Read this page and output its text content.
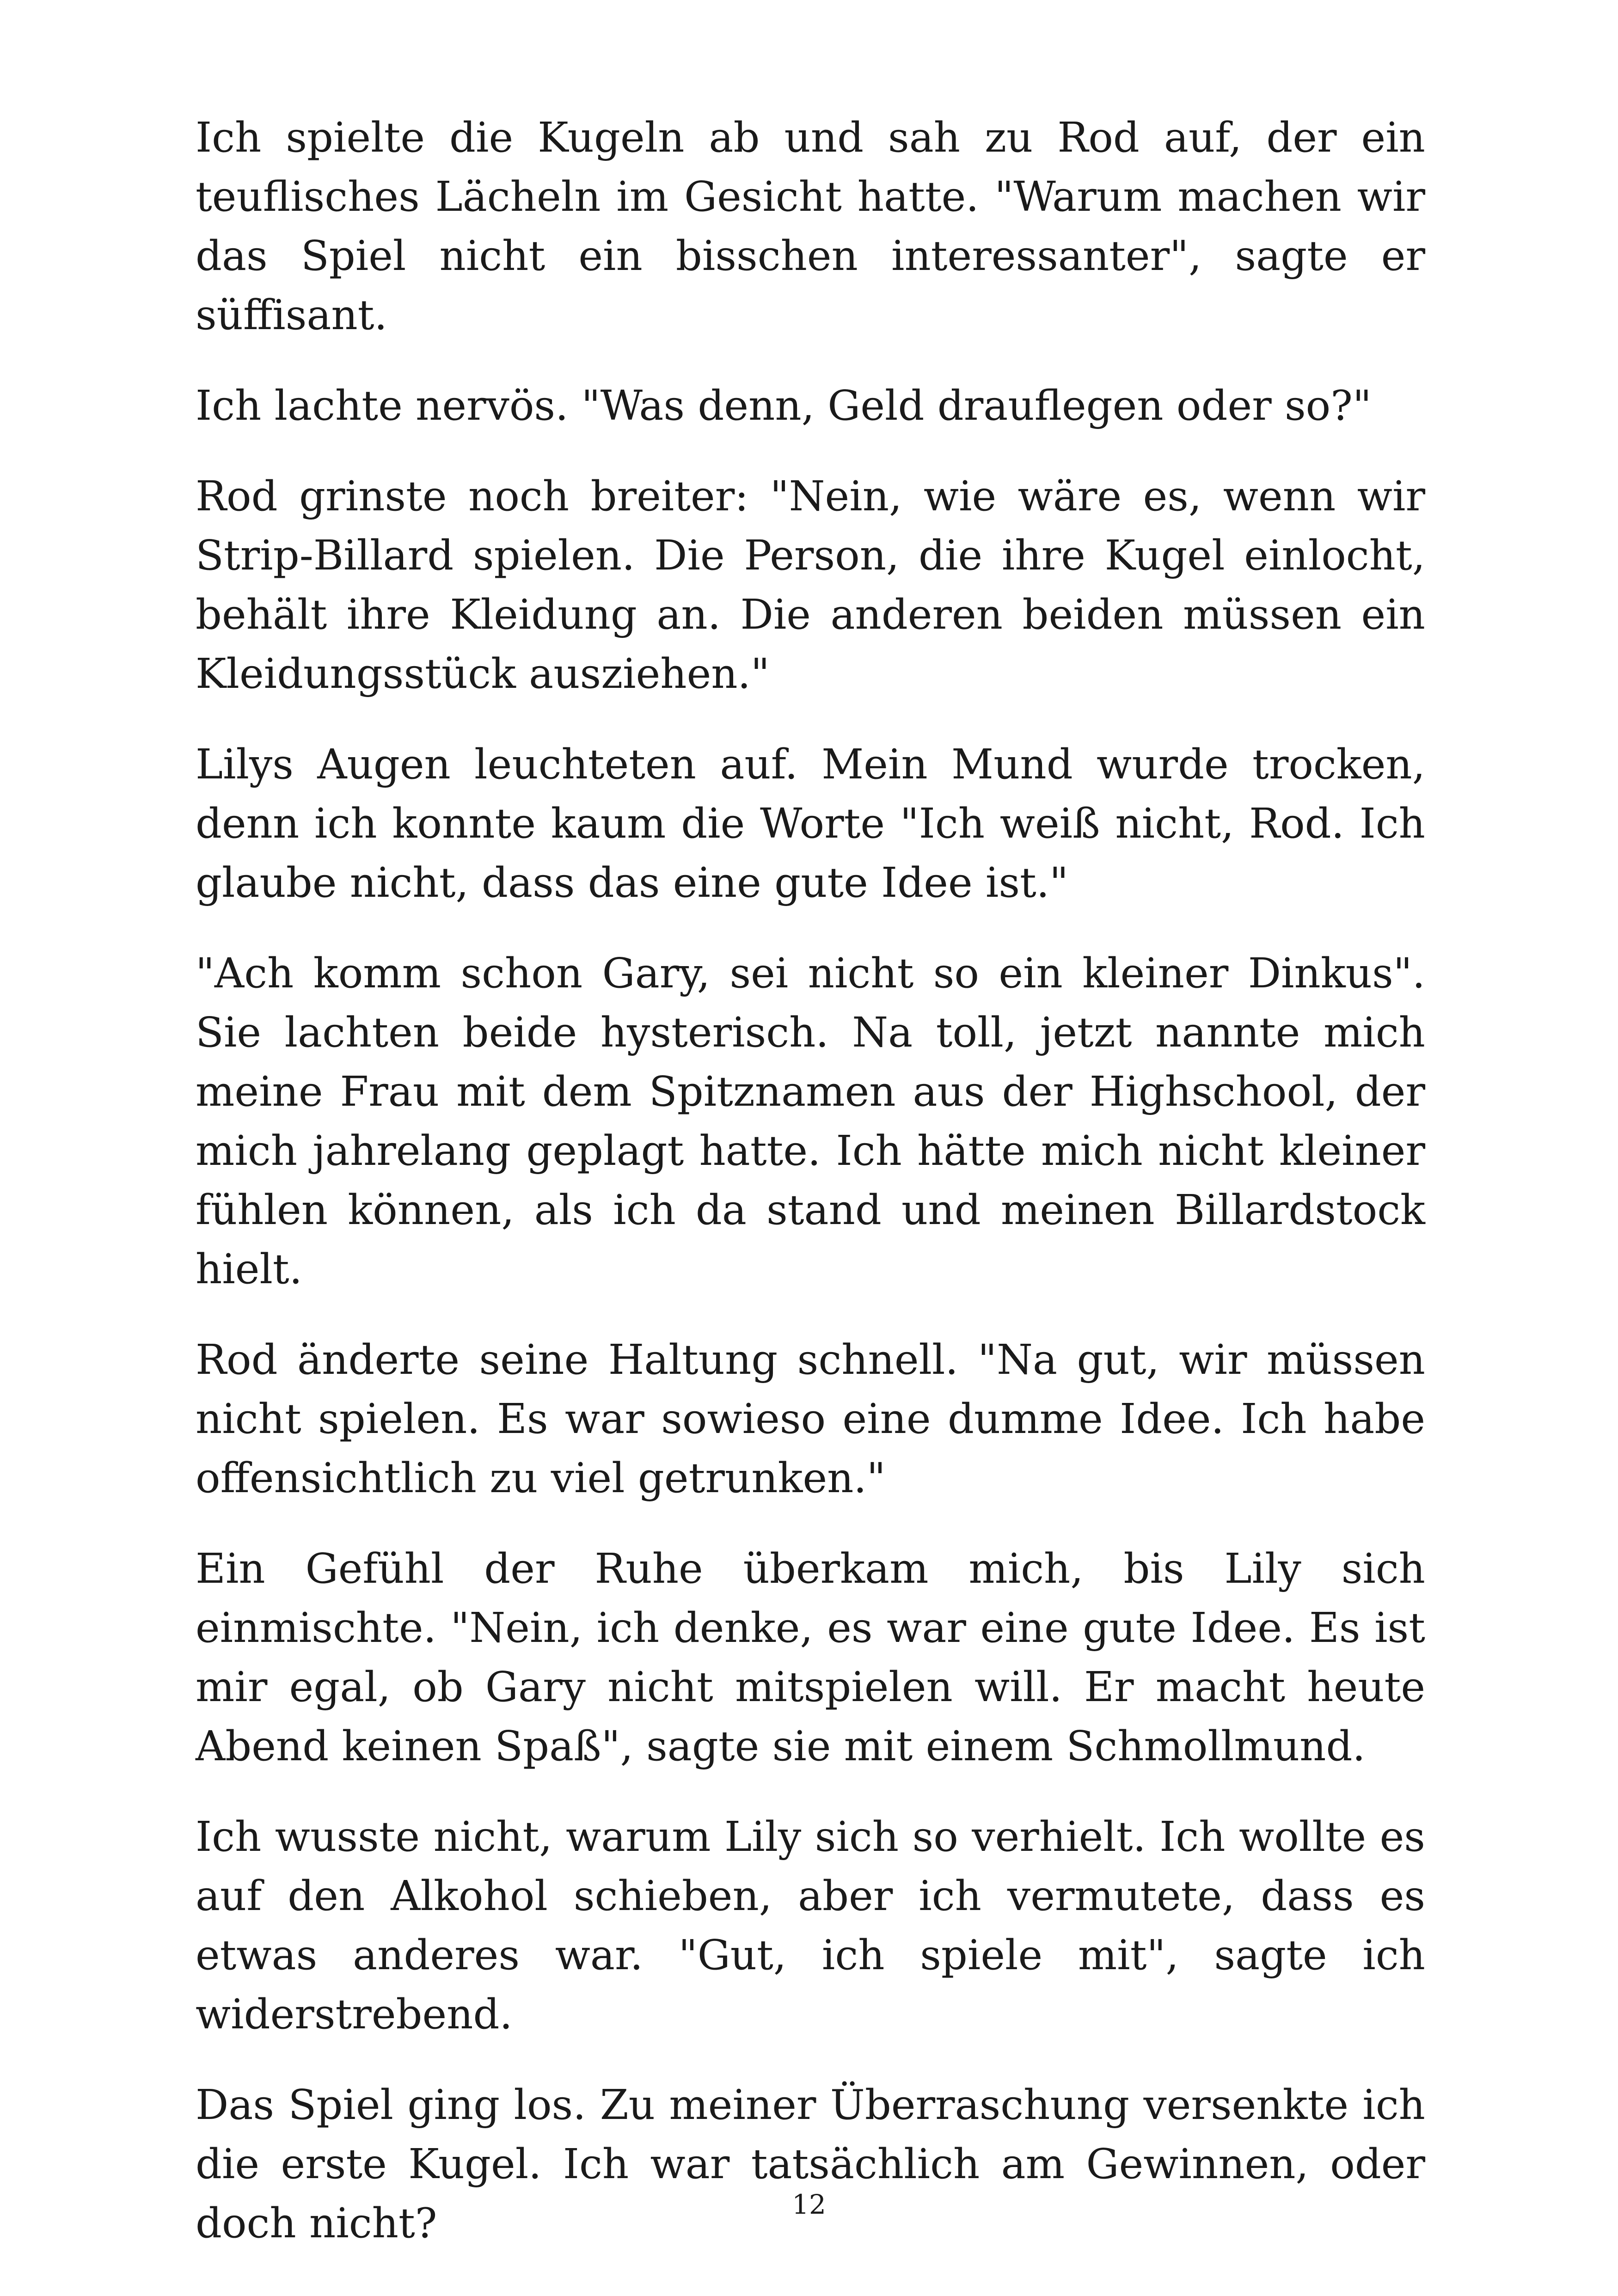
Ich spielte die Kugeln ab und sah zu Rod auf, der ein teuflisches Lächeln im Gesicht hatte. "Warum machen wir das Spiel nicht ein bisschen interessanter", sagte er süffisant.

Ich lachte nervös. "Was denn, Geld drauflegen oder so?"

Rod grinste noch breiter: "Nein, wie wäre es, wenn wir Strip-Billard spielen. Die Person, die ihre Kugel einlocht, behält ihre Kleidung an. Die anderen beiden müssen ein Kleidungsstück ausziehen."

Lilys Augen leuchteten auf. Mein Mund wurde trocken, denn ich konnte kaum die Worte "Ich weiß nicht, Rod. Ich glaube nicht, dass das eine gute Idee ist."

"Ach komm schon Gary, sei nicht so ein kleiner Dinkus". Sie lachten beide hysterisch. Na toll, jetzt nannte mich meine Frau mit dem Spitznamen aus der Highschool, der mich jahrelang geplagt hatte. Ich hätte mich nicht kleiner fühlen können, als ich da stand und meinen Billardstock hielt.

Rod änderte seine Haltung schnell. "Na gut, wir müssen nicht spielen. Es war sowieso eine dumme Idee. Ich habe offensichtlich zu viel getrunken."

Ein Gefühl der Ruhe überkam mich, bis Lily sich einmischte. "Nein, ich denke, es war eine gute Idee. Es ist mir egal, ob Gary nicht mitspielen will. Er macht heute Abend keinen Spaß", sagte sie mit einem Schmollmund.

Ich wusste nicht, warum Lily sich so verhielt. Ich wollte es auf den Alkohol schieben, aber ich vermutete, dass es etwas anderes war. "Gut, ich spiele mit", sagte ich widerstrebend.

Das Spiel ging los. Zu meiner Überraschung versenkte ich die erste Kugel. Ich war tatsächlich am Gewinnen, oder doch nicht?	12
